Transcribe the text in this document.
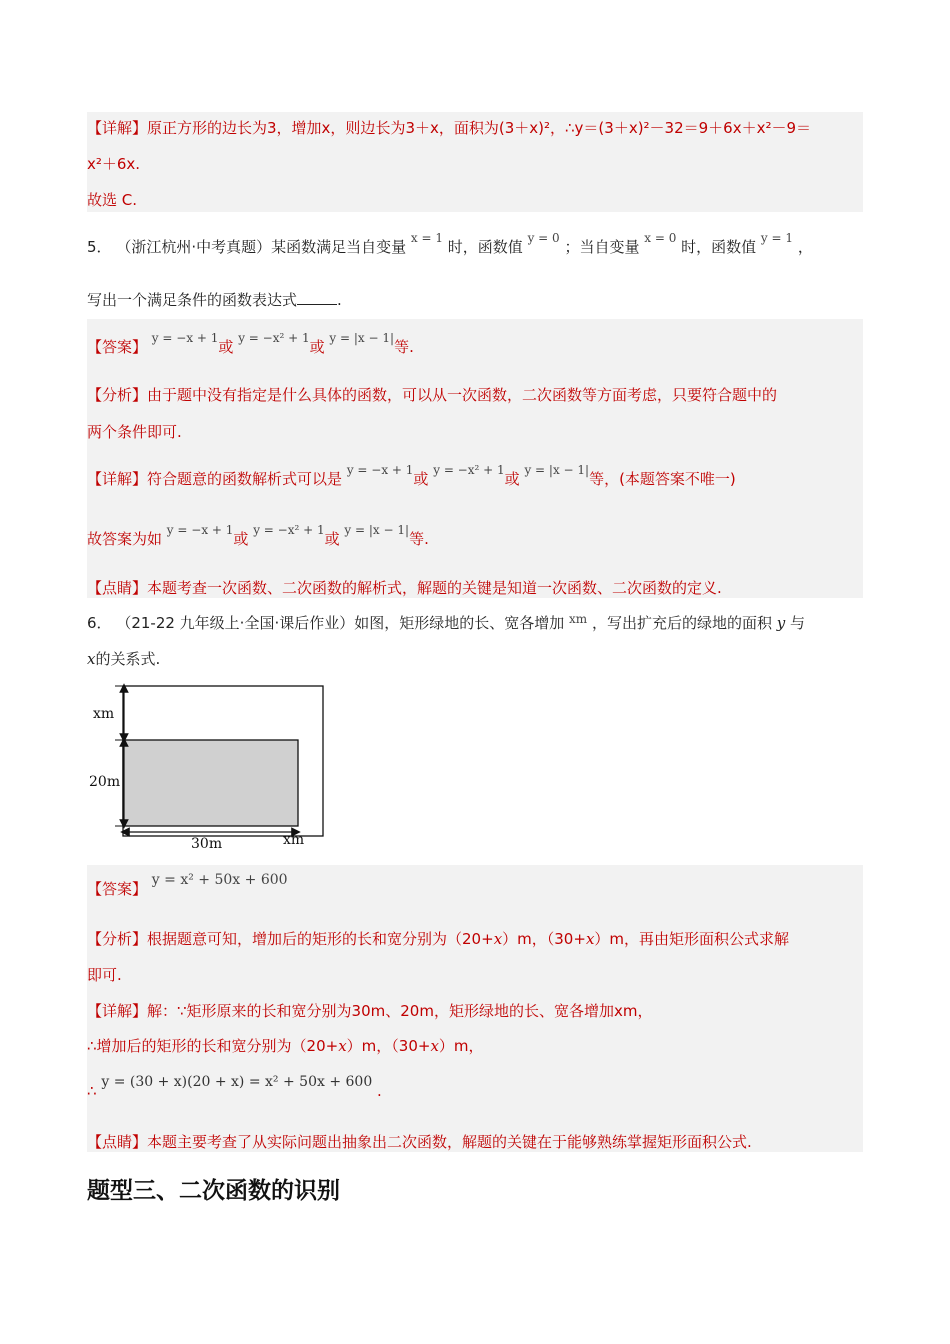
【详解】原正方形的边长为3，增加x，则边长为3＋x，面积为(3＋x)²，∴y＝(3＋x)²－32＝9＋6x＋x²－9＝
x²＋6x.
故选 C.
5． （浙江杭州·中考真题）某函数满足当自变量 x = 1 时，函数值 y = 0 ；当自变量 x = 0 时，函数值 y = 1 ，
写出一个满足条件的函数表达式	.
【答案】 y = −x + 1或 y = −x² + 1或 y = |x − 1|等.
【分析】由于题中没有指定是什么具体的函数，可以从一次函数，二次函数等方面考虑，只要符合题中的
两个条件即可.
【详解】符合题意的函数解析式可以是 y = −x + 1或 y = −x² + 1或 y = |x − 1|等，(本题答案不唯一)
故答案为如 y = −x + 1或 y = −x² + 1或 y = |x − 1|等.
【点睛】本题考查一次函数、二次函数的解析式，解题的关键是知道一次函数、二次函数的定义.
6． （21-22 九年级上·全国·课后作业）如图，矩形绿地的长、宽各增加 xm ，写出扩充后的绿地的面积 y 与
x的关系式.
xm
20m
30m	xm
【答案】 y = x² + 50x + 600
【分析】根据题意可知，增加后的矩形的长和宽分别为（20+x）m，（30+x）m，再由矩形面积公式求解
即可.
【详解】解：∵矩形原来的长和宽分别为30m、20m，矩形绿地的长、宽各增加xm，
∴增加后的矩形的长和宽分别为（20+x）m，（30+x）m，
∴ y = (30 + x)(20 + x) = x² + 50x + 600 .
【点睛】本题主要考查了从实际问题出抽象出二次函数，解题的关键在于能够熟练掌握矩形面积公式.
题型三、二次函数的识别
